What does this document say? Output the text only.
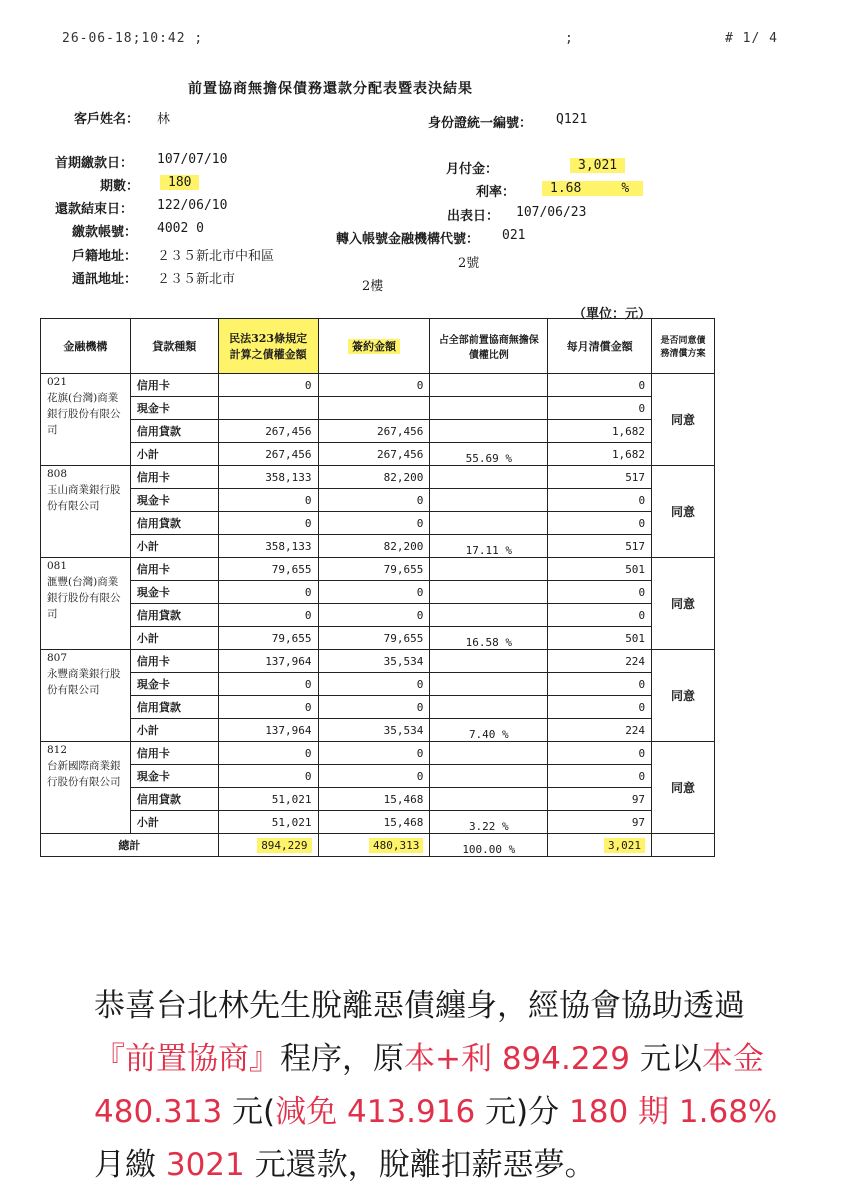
26-06-18;10:42 ;	;	# 1/ 4
前置協商無擔保債務還款分配表暨表決結果
客戶姓名： 林	身份證統一編號： Q121
首期繳款日： 107/07/10
期數：	180
還款結束日： 122/06/10
繳款帳號： 4002 0
戶籍地址： ２３５新北市中和區
通訊地址： ２３５新北市
月付金：	3,021
利率：	1.68	%
出表日： 107/06/23
轉入帳號金融機構代號： 021
2號
2樓
（單位：元）
金融機構	貸款種類	民法323條規定計算之債權金額	簽約金額	占全部前置協商無擔保債權比例	每月清償金額	是否同意債務清償方案
021
花旗(台灣)商業銀行股份有限公司	信用卡	0	0		0	同意
	現金卡				0	
	信用貸款	267,456	267,456		1,682	
	小計	267,456	267,456	55.69 %	1,682	
808
玉山商業銀行股份有限公司	信用卡	358,133	82,200		517	同意
	現金卡	0	0		0	
	信用貸款	0	0		0	
	小計	358,133	82,200	17.11 %	517	
081
滙豐(台灣)商業銀行股份有限公司	信用卡	79,655	79,655		501	同意
	現金卡	0	0		0	
	信用貸款	0	0		0	
	小計	79,655	79,655	16.58 %	501	
807
永豐商業銀行股份有限公司	信用卡	137,964	35,534		224	同意
	現金卡	0	0		0	
	信用貸款	0	0		0	
	小計	137,964	35,534	7.40 %	224	
812
台新國際商業銀行股份有限公司	信用卡	0	0		0	同意
	現金卡	0	0		0	
	信用貸款	51,021	15,468		97	
	小計	51,021	15,468	3.22 %	97	
總計		894,229	480,313	100.00 %	3,021	
恭喜台北林先生脫離惡債纏身，經協會協助透過『前置協商』程序，原本+利 894.229 元以本金 480.313 元(減免 413.916 元)分 180 期 1.68%月繳 3021 元還款，脫離扣薪惡夢。
